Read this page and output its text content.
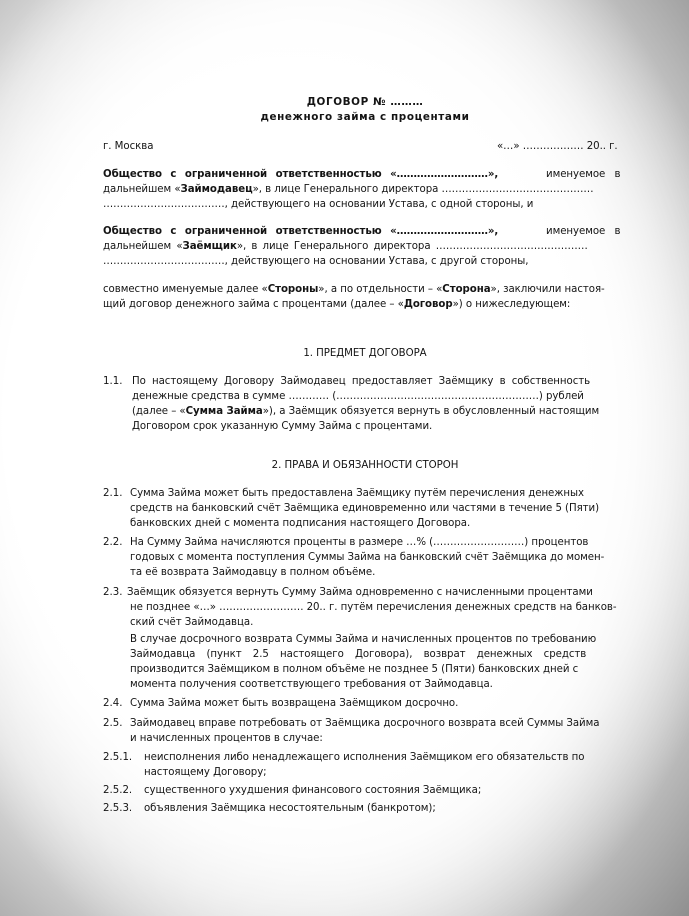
ДОГОВОР № ………
денежного займа с процентами
г. Москва	«…» ……………… 20.. г.
Общество с ограниченной ответственностью «………………………»,	именуемое в
дальнейшем «Займодавец», в лице Генерального директора ………………………………………
………………………………, действующего на основании Устава, с одной стороны, и
Общество с ограниченной ответственностью «………………………»,	именуемое в
дальнейшем «Заёмщик», в лице Генерального директора ………………………………………
………………………………, действующего на основании Устава, с другой стороны,
совместно именуемые далее «Стороны», а по отдельности – «Сторона», заключили настоя-
щий договор денежного займа с процентами (далее – «Договор») о нижеследующем:
1. ПРЕДМЕТ ДОГОВОРА
1.1. По настоящему Договору Займодавец предоставляет Заёмщику в собственность
денежные средства в сумме ………… (……………………………………………………) рублей
(далее – «Сумма Займа»), а Заёмщик обязуется вернуть в обусловленный настоящим
Договором срок указанную Сумму Займа с процентами.
2. ПРАВА И ОБЯЗАННОСТИ СТОРОН
2.1. Сумма Займа может быть предоставлена Заёмщику путём перечисления денежных
средств на банковский счёт Заёмщика единовременно или частями в течение 5 (Пяти)
банковских дней с момента подписания настоящего Договора.
2.2. На Сумму Займа начисляются проценты в размере …% (………………………) процентов
годовых с момента поступления Суммы Займа на банковский счёт Заёмщика до момен-
та её возврата Займодавцу в полном объёме.
2.3. Заёмщик обязуется вернуть Сумму Займа одновременно с начисленными процентами
не позднее «…» ……………………. 20.. г. путём перечисления денежных средств на банков-
ский счёт Займодавца.
В случае досрочного возврата Суммы Займа и начисленных процентов по требованию
Займодавца (пункт 2.5 настоящего Договора), возврат денежных средств
производится Заёмщиком в полном объёме не позднее 5 (Пяти) банковских дней с
момента получения соответствующего требования от Займодавца.
2.4. Сумма Займа может быть возвращена Заёмщиком досрочно.
2.5. Займодавец вправе потребовать от Заёмщика досрочного возврата всей Суммы Займа
и начисленных процентов в случае:
2.5.1. неисполнения либо ненадлежащего исполнения Заёмщиком его обязательств по
настоящему Договору;
2.5.2. существенного ухудшения финансового состояния Заёмщика;
2.5.3. объявления Заёмщика несостоятельным (банкротом);
